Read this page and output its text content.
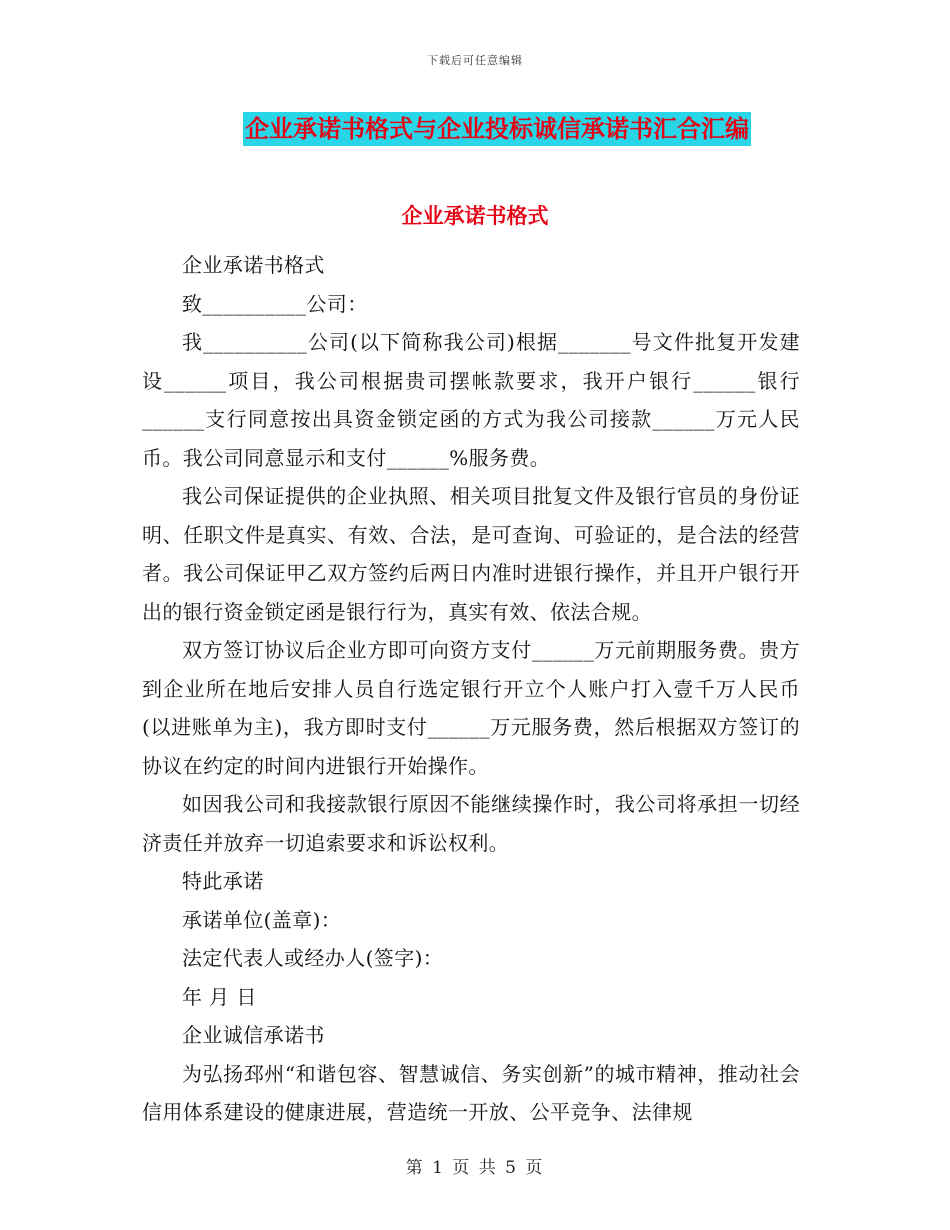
下载后可任意编辑
企业承诺书格式与企业投标诚信承诺书汇合汇编
企业承诺书格式

企业承诺书格式

致__________公司：

我__________公司(以下简称我公司)根据_______号文件批复开发建设______项目，我公司根据贵司摆帐款要求，我开户银行______银行 ______支行同意按出具资金锁定函的方式为我公司接款______万元人民币。我公司同意显示和支付______%服务费。

我公司保证提供的企业执照、相关项目批复文件及银行官员的身份证明、任职文件是真实、有效、合法，是可查询、可验证的，是合法的经营者。我公司保证甲乙双方签约后两日内准时进银行操作，并且开户银行开出的银行资金锁定函是银行行为，真实有效、依法合规。

双方签订协议后企业方即可向资方支付______万元前期服务费。贵方到企业所在地后安排人员自行选定银行开立个人账户打入壹千万人民币(以进账单为主)，我方即时支付______万元服务费，然后根据双方签订的协议在约定的时间内进银行开始操作。

如因我公司和我接款银行原因不能继续操作时，我公司将承担一切经济责任并放弃一切追索要求和诉讼权利。

特此承诺

承诺单位(盖章)：

法定代表人或经办人(签字)：

年 月 日

企业诚信承诺书

为弘扬邳州“和谐包容、智慧诚信、务实创新”的城市精神，推动社会信用体系建设的健康进展，营造统一开放、公平竞争、法律规

第 1 页 共 5 页
